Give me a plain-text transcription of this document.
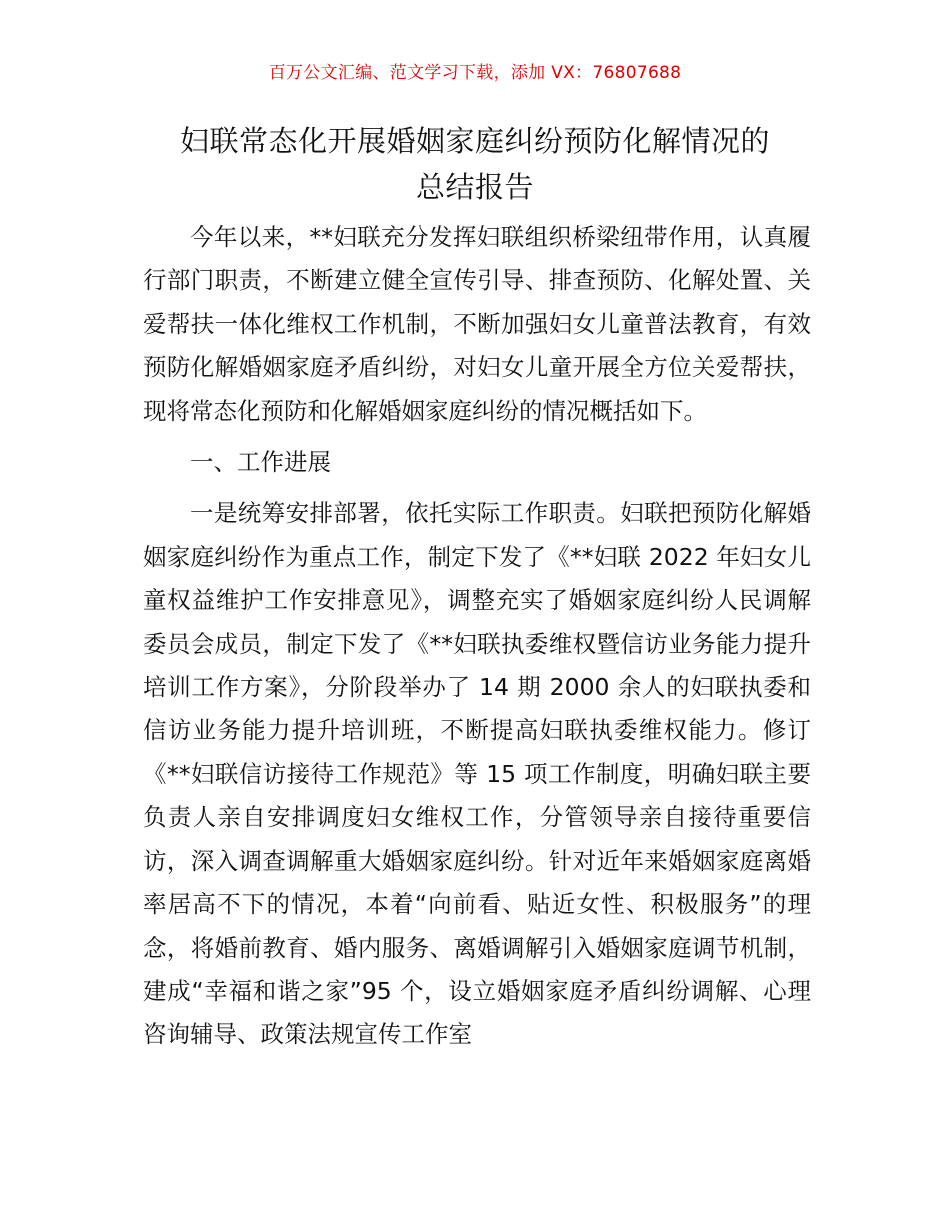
百万公文汇编、范文学习下载，添加 VX：76807688
妇联常态化开展婚姻家庭纠纷预防化解情况的
总结报告

今年以来，**妇联充分发挥妇联组织桥梁纽带作用，认真履行部门职责，不断建立健全宣传引导、排查预防、化解处置、关爱帮扶一体化维权工作机制，不断加强妇女儿童普法教育，有效预防化解婚姻家庭矛盾纠纷，对妇女儿童开展全方位关爱帮扶，现将常态化预防和化解婚姻家庭纠纷的情况概括如下。

一、工作进展

一是统筹安排部署，依托实际工作职责。妇联把预防化解婚姻家庭纠纷作为重点工作，制定下发了《**妇联 2022 年妇女儿童权益维护工作安排意见》，调整充实了婚姻家庭纠纷人民调解委员会成员，制定下发了《**妇联执委维权暨信访业务能力提升培训工作方案》，分阶段举办了 14 期 2000 余人的妇联执委和信访业务能力提升培训班，不断提高妇联执委维权能力。修订《**妇联信访接待工作规范》等 15 项工作制度，明确妇联主要负责人亲自安排调度妇女维权工作，分管领导亲自接待重要信访，深入调查调解重大婚姻家庭纠纷。针对近年来婚姻家庭离婚率居高不下的情况，本着“向前看、贴近女性、积极服务”的理念，将婚前教育、婚内服务、离婚调解引入婚姻家庭调节机制，建成“幸福和谐之家”95 个，设立婚姻家庭矛盾纠纷调解、心理咨询辅导、政策法规宣传工作室
